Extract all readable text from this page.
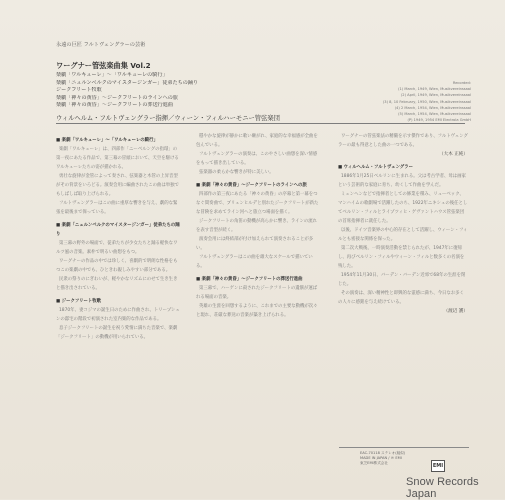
永遠の巨匠 フルトヴェングラーの芸術
ワーグナー管弦楽曲集 Vol.2
楽劇「ワルキューレ」～「ワルキューレの騎行」
楽劇「ニュルンベルクのマイスタージンガー」徒弟たちの踊り
ジークフリート牧歌
楽劇「神々の黄昏」～ジークフリートのラインへの旅
楽劇「神々の黄昏」～ジークフリートの葬送行進曲
Recorded:
(1) March, 1949, Wien, Musikvereinssaal
(2) April, 1949, Wien, Musikvereinssaal
(3) 8, 10 February, 1950, Wien, Musikvereinssaal
(4) 2 March, 1954, Wien, Musikvereinssaal
(5) March, 1954, Wien, Musikvereinssaal
(P) 1949, 1954 EMI Electrola GmbH
ウィルヘルム・フルトヴェングラー指揮／ウィーン・フィルハーモニー管弦楽団

■ 楽劇「ワルキューレ」～「ワルキューレの騎行」

楽劇「ワルキューレ」は、四部作「ニーベルングの指環」の第一夜にあたる作品で、第三幕の冒頭において、天空を駆けるワルキューレたちの姿が描かれる。

勇壮な旋律が金管によって奏され、弦楽器と木管の上昇音型がその背景をいろどる。演奏会用に編曲されたこの曲は単独でもしばしば取り上げられる。

フルトヴェングラーはこの曲に重厚な響きを与え、劇的な緊張を最後まで保っている。

■ 楽劇「ニュルンベルクのマイスタージンガー」徒弟たちの踊り

第三幕の野外の場面で、徒弟たちが少女たちと踊る軽快なワルツ風の音楽。素朴で明るい曲想をもつ。

ワーグナーの作品の中では珍しく、喜劇的で明朗な性格をもつこの楽劇の中でも、ひときわ親しみやすい部分である。

民衆の祭りのにぎわいが、軽やかなリズムにのせて生き生きと描き出されている。

■ ジークフリート牧歌

1870年、妻コジマの誕生日のために作曲され、トリープシェンの邸宅の階段で初演された室内楽的な作品である。

息子ジークフリートの誕生を祝う愛情に満ちた音楽で、楽劇「ジークフリート」の動機が用いられている。

穏やかな旋律が静かに歌い継がれ、家庭的な幸福感が全曲を包んでいる。

フルトヴェングラーの演奏は、このやさしい曲想を深い情感をもって描き出している。

弦楽器の柔らかな響きが特に美しい。

■ 楽劇「神々の黄昏」～ジークフリートのラインへの旅

四部作の第三夜にあたる「神々の黄昏」の序幕と第一幕をつなぐ間奏曲で、ブリュンヒルデと別れたジークフリートが新たな冒険を求めてライン河へと旅立つ場面を描く。

ジークフリートの角笛の動機が高らかに響き、ラインの流れを表す音型が続く。

演奏会用には終結部が付け加えられて演奏されることが多い。

フルトヴェングラーはこの曲を雄大なスケールで描いている。

■ 楽劇「神々の黄昏」～ジークフリートの葬送行進曲

第三幕で、ハーゲンに殺されたジークフリートの遺骸が運ばれる場面の音楽。

英雄の生涯を回想するように、これまでの主要な動機が次々と現れ、荘厳な葬送の音楽が築き上げられる。

ワーグナーの管弦楽法の精髄を示す傑作であり、フルトヴェングラーの最も得意とした曲の一つである。

（大木 正純）

■ ウィルヘルム・フルトヴェングラー

1886年1月25日ベルリンに生まれる。父は考古学者、母は画家という芸術的な家庭に育ち、幼くして作曲を学んだ。

ミュンヘンなどで指揮者としての修業を積み、リューベック、マンハイムの歌劇場で活躍したのち、1922年ニキシュの後任としてベルリン・フィルとライプツィヒ・ゲヴァントハウス管弦楽団の首席指揮者に就任した。

以後、ドイツ音楽界の中心的存在として活躍し、ウィーン・フィルとも密接な関係を保った。

第二次大戦後、一時演奏活動を禁じられたが、1947年に復帰し、再びベルリン・フィルやウィーン・フィルと数多くの名演を残した。

1954年11月30日、バーデン・バーデン近郊で68年の生涯を閉じた。

その演奏は、深い精神性と即興的な霊感に満ち、今日なお多くの人々に感銘を与え続けている。

（渡辺 護）

EAC-70118 ステレオ(疑似)
MADE IN JAPAN / ℗ EMI
東芝EMI株式会社	EMI
Snow Records Japan
